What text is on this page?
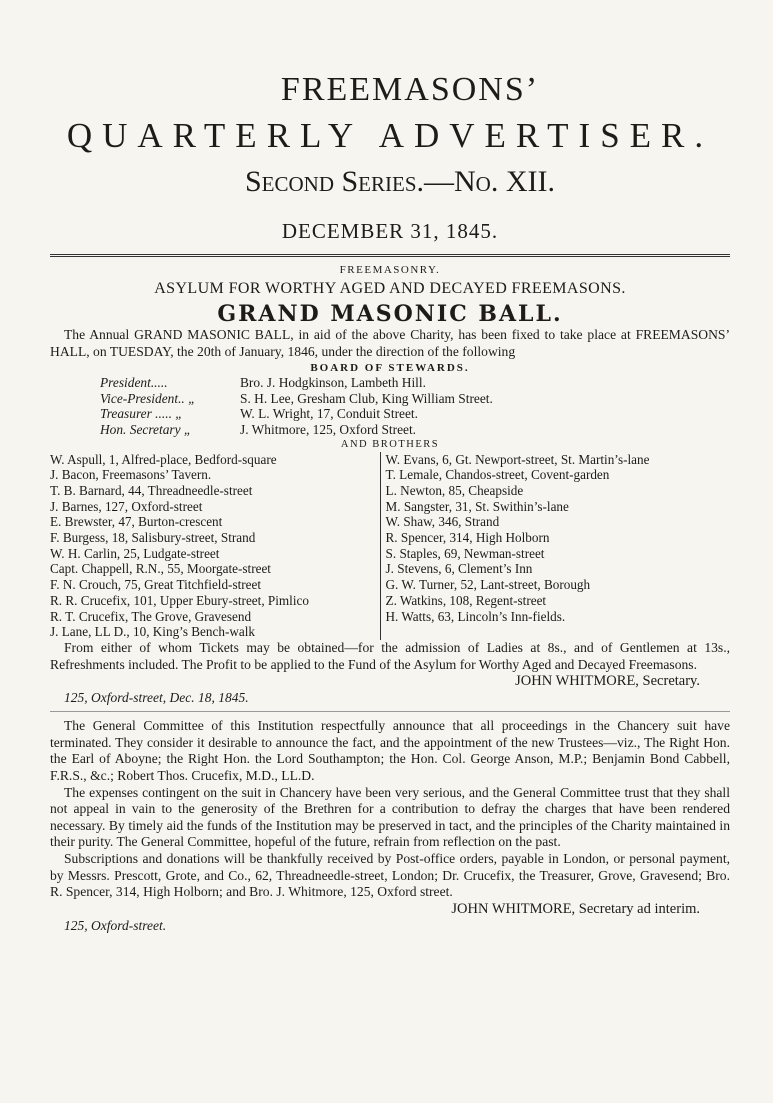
FREEMASONS’
QUARTERLY ADVERTISER.
Second Series.—No. XII.
DECEMBER 31, 1845.
FREEMASONRY.
ASYLUM FOR WORTHY AGED AND DECAYED FREEMASONS.
GRAND MASONIC BALL.

The Annual GRAND MASONIC BALL, in aid of the above Charity, has been fixed to take place at FREEMASONS’ HALL, on TUESDAY, the 20th of January, 1846, under the direction of the following

BOARD OF STEWARDS.
President.....	Bro. J. Hodgkinson, Lambeth Hill.
Vice-President.. „	S. H. Lee, Gresham Club, King William Street.
Treasurer ..... „	W. L. Wright, 17, Conduit Street.
Hon. Secretary „	J. Whitmore, 125, Oxford Street.
AND BROTHERS
W. Aspull, 1, Alfred-place, Bedford-square
J. Bacon, Freemasons’ Tavern.
T. B. Barnard, 44, Threadneedle-street
J. Barnes, 127, Oxford-street
E. Brewster, 47, Burton-crescent
F. Burgess, 18, Salisbury-street, Strand
W. H. Carlin, 25, Ludgate-street
Capt. Chappell, R.N., 55, Moorgate-street
F. N. Crouch, 75, Great Titchfield-street
R. R. Crucefix, 101, Upper Ebury-street, Pimlico
R. T. Crucefix, The Grove, Gravesend
J. Lane, LL D., 10, King’s Bench-walk
W. Evans, 6, Gt. Newport-street, St. Martin’s-lane
T. Lemale, Chandos-street, Covent-garden
L. Newton, 85, Cheapside
M. Sangster, 31, St. Swithin’s-lane
W. Shaw, 346, Strand
R. Spencer, 314, High Holborn
S. Staples, 69, Newman-street
J. Stevens, 6, Clement’s Inn
G. W. Turner, 52, Lant-street, Borough
Z. Watkins, 108, Regent-street
H. Watts, 63, Lincoln’s Inn-fields.

From either of whom Tickets may be obtained—for the admission of Ladies at 8s., and of Gentlemen at 13s., Refreshments included. The Profit to be applied to the Fund of the Asylum for Worthy Aged and Decayed Freemasons.

JOHN WHITMORE, Secretary.
125, Oxford-street, Dec. 18, 1845.

The General Committee of this Institution respectfully announce that all proceedings in the Chancery suit have terminated. They consider it desirable to announce the fact, and the appointment of the new Trustees—viz., The Right Hon. the Earl of Aboyne; the Right Hon. the Lord Southampton; the Hon. Col. George Anson, M.P.; Benjamin Bond Cabbell, F.R.S., &c.; Robert Thos. Crucefix, M.D., LL.D.

The expenses contingent on the suit in Chancery have been very serious, and the General Committee trust that they shall not appeal in vain to the generosity of the Brethren for a contribution to defray the charges that have been rendered necessary. By timely aid the funds of the Institution may be preserved in tact, and the principles of the Charity maintained in their purity. The General Committee, hopeful of the future, refrain from reflection on the past.

Subscriptions and donations will be thankfully received by Post-office orders, payable in London, or personal payment, by Messrs. Prescott, Grote, and Co., 62, Threadneedle-street, London; Dr. Crucefix, the Treasurer, Grove, Gravesend; Bro. R. Spencer, 314, High Holborn; and Bro. J. Whitmore, 125, Oxford street.

JOHN WHITMORE, Secretary ad interim.
125, Oxford-street.
